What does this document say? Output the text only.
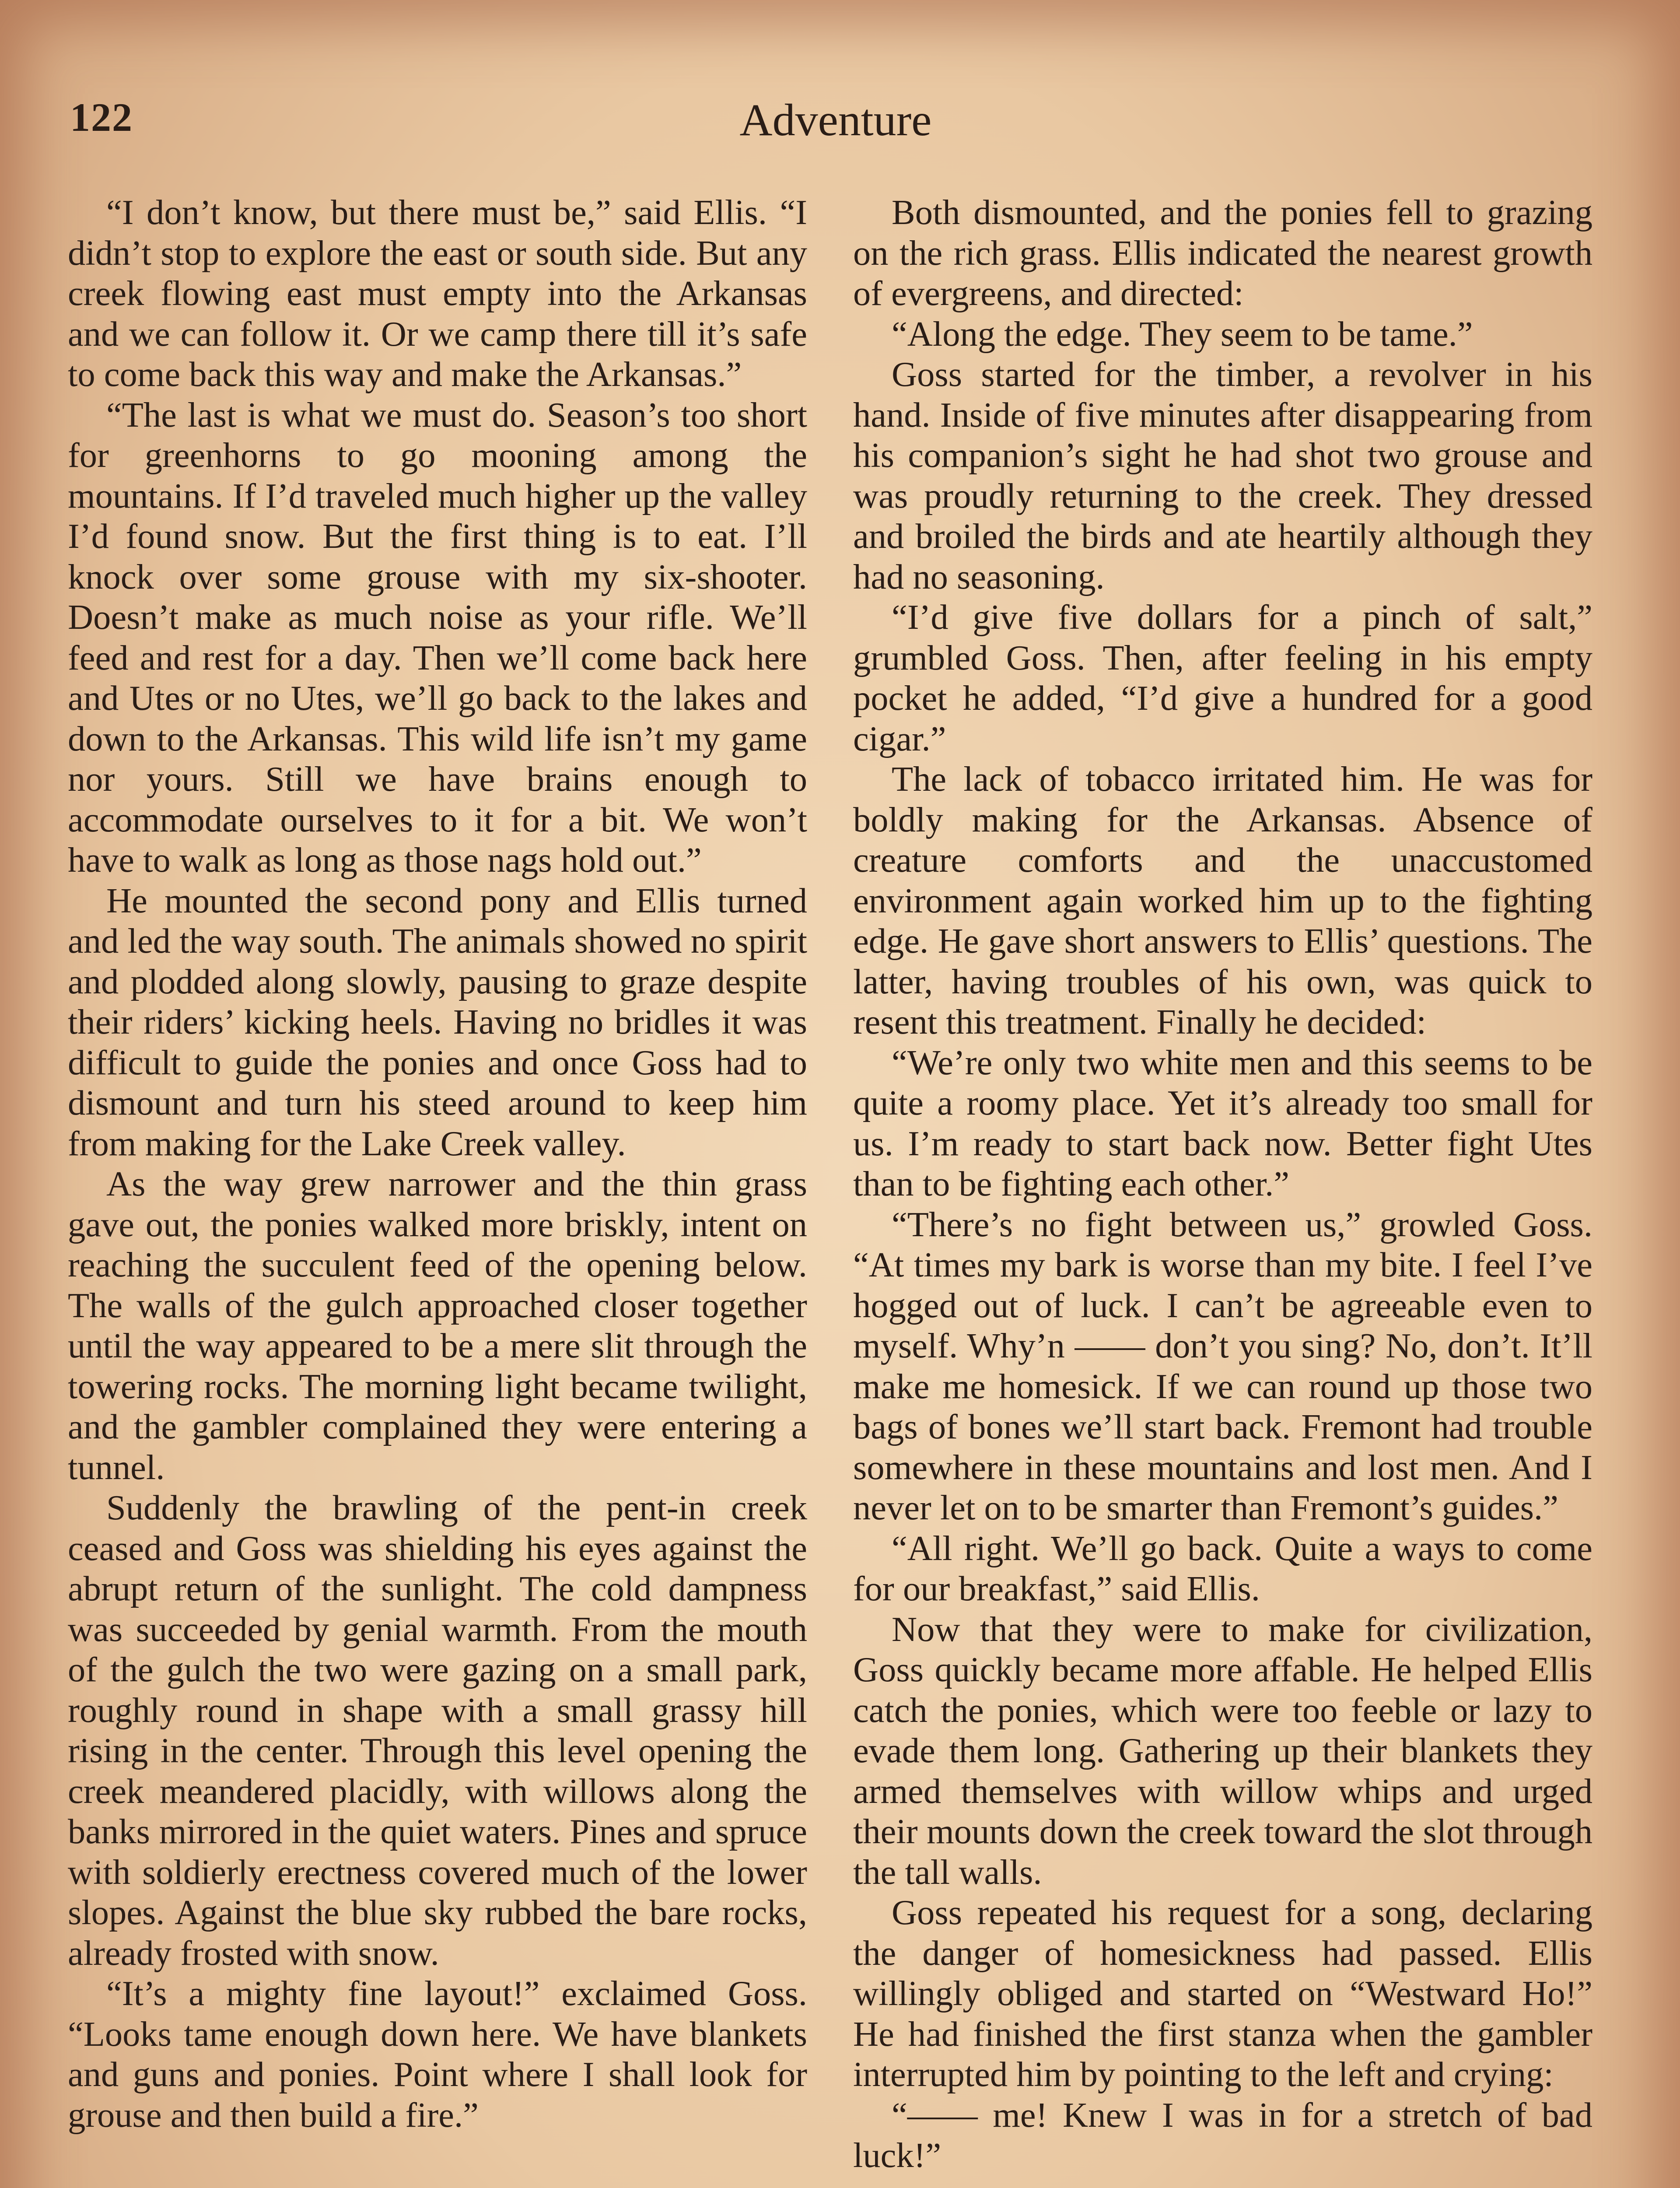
122	Adventure

“I don’t know, but there must be,” said Ellis. “I didn’t stop to explore the east or south side. But any creek flowing east must empty into the Arkansas and we can follow it. Or we camp there till it’s safe to come back this way and make the Arkansas.”

“The last is what we must do. Season’s too short for greenhorns to go mooning among the mountains. If I’d traveled much higher up the valley I’d found snow. But the first thing is to eat. I’ll knock over some grouse with my six-shooter. Doesn’t make as much noise as your rifle. We’ll feed and rest for a day. Then we’ll come back here and Utes or no Utes, we’ll go back to the lakes and down to the Arkansas. This wild life isn’t my game nor yours. Still we have brains enough to accommodate ourselves to it for a bit. We won’t have to walk as long as those nags hold out.”

He mounted the second pony and Ellis turned and led the way south. The animals showed no spirit and plodded along slowly, pausing to graze despite their riders’ kicking heels. Having no bridles it was difficult to guide the ponies and once Goss had to dismount and turn his steed around to keep him from making for the Lake Creek valley.

As the way grew narrower and the thin grass gave out, the ponies walked more briskly, intent on reaching the succulent feed of the opening below. The walls of the gulch approached closer together until the way appeared to be a mere slit through the towering rocks. The morning light became twilight, and the gambler complained they were entering a tunnel.

Suddenly the brawling of the pent-in creek ceased and Goss was shielding his eyes against the abrupt return of the sunlight. The cold dampness was succeeded by genial warmth. From the mouth of the gulch the two were gazing on a small park, roughly round in shape with a small grassy hill rising in the center. Through this level opening the creek meandered placidly, with willows along the banks mirrored in the quiet waters. Pines and spruce with soldierly erectness covered much of the lower slopes. Against the blue sky rubbed the bare rocks, already frosted with snow.

“It’s a mighty fine layout!” exclaimed Goss. “Looks tame enough down here. We have blankets and guns and ponies. Point where I shall look for grouse and then build a fire.”

Both dismounted, and the ponies fell to grazing on the rich grass. Ellis indicated the nearest growth of evergreens, and directed:

“Along the edge. They seem to be tame.”

Goss started for the timber, a revolver in his hand. Inside of five minutes after disappearing from his companion’s sight he had shot two grouse and was proudly returning to the creek. They dressed and broiled the birds and ate heartily although they had no seasoning.

“I’d give five dollars for a pinch of salt,” grumbled Goss. Then, after feeling in his empty pocket he added, “I’d give a hundred for a good cigar.”

The lack of tobacco irritated him. He was for boldly making for the Arkansas. Absence of creature comforts and the unaccustomed environment again worked him up to the fighting edge. He gave short answers to Ellis’ questions. The latter, having troubles of his own, was quick to resent this treatment. Finally he decided:

“We’re only two white men and this seems to be quite a roomy place. Yet it’s already too small for us. I’m ready to start back now. Better fight Utes than to be fighting each other.”

“There’s no fight between us,” growled Goss. “At times my bark is worse than my bite. I feel I’ve hogged out of luck. I can’t be agreeable even to myself. Why’n —— don’t you sing? No, don’t. It’ll make me homesick. If we can round up those two bags of bones we’ll start back. Fremont had trouble somewhere in these mountains and lost men. And I never let on to be smarter than Fremont’s guides.”

“All right. We’ll go back. Quite a ways to come for our breakfast,” said Ellis.

Now that they were to make for civilization, Goss quickly became more affable. He helped Ellis catch the ponies, which were too feeble or lazy to evade them long. Gathering up their blankets they armed themselves with willow whips and urged their mounts down the creek toward the slot through the tall walls.

Goss repeated his request for a song, declaring the danger of homesickness had passed. Ellis willingly obliged and started on “Westward Ho!” He had finished the first stanza when the gambler interrupted him by pointing to the left and crying:

“—— me! Knew I was in for a stretch of bad luck!”
